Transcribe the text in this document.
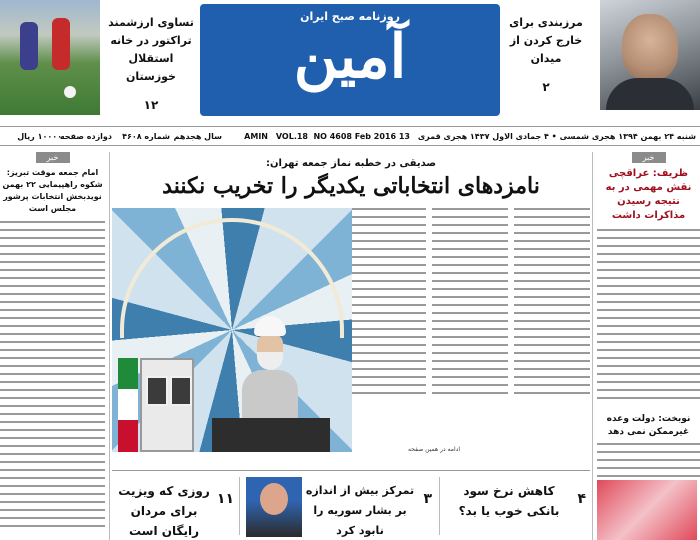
مرزبندی برای خارج کردن از میدان
۲
روزنامه صبح ایران
آمین
تساوی ارزشمند تراکتور در خانه استقلال خوزستان
۱۲
شنبه ۲۴ بهمن ۱۳۹۴ هجری شمسی • ۴ جمادی الاول ۱۴۳۷ هجری قمری
13 Feb 2016
NO 4608
VOL.18
AMIN
سال هجدهم
شماره ۴۶۰۸
دوازده صفحه
۱۰۰۰۰ ریال
خبر
ظریف: عراقچی نقش مهمی در به نتیجه رسیدن مذاکرات داشت
نوبخت: دولت وعده غیرممکن نمی دهد
خبر
امام جمعه موقت تبریز: شکوه راهپیمایی ۲۲ بهمن نویدبخش انتخابات پرشور مجلس است
صدیقی در خطبه نماز جمعه تهران:
نامزدهای انتخاباتی یکدیگر را تخریب نکنند
ادامه در همین صفحه
۴
کاهش نرخ سود بانکی خوب یا بد؟
۳
تمرکز بیش از اندازه بر بشار سوریه را نابود کرد
۱۱
روزی که ویزیت برای مردان رایگان است
